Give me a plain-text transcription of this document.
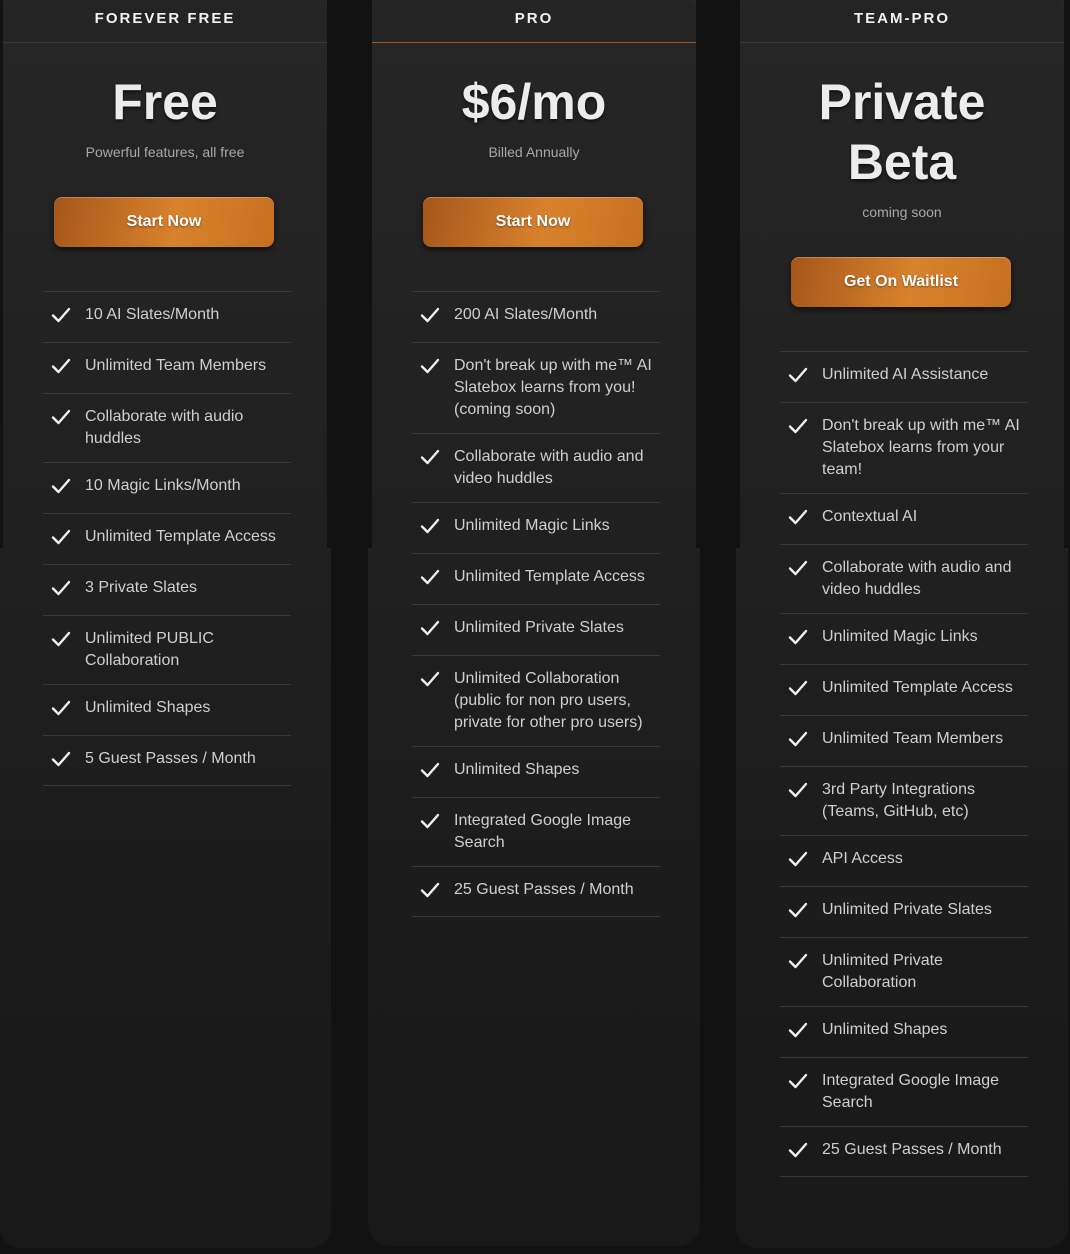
FOREVER FREE
Free
Powerful features, all free
Start Now
10 AI Slates/Month
Unlimited Team Members
Collaborate with audio huddles
10 Magic Links/Month
Unlimited Template Access
3 Private Slates
Unlimited PUBLIC Collaboration
Unlimited Shapes
5 Guest Passes / Month
PRO
$6/mo
Billed Annually
Start Now
200 AI Slates/Month
Don't break up with me™ AI Slatebox learns from you! (coming soon)
Collaborate with audio and video huddles
Unlimited Magic Links
Unlimited Template Access
Unlimited Private Slates
Unlimited Collaboration (public for non pro users, private for other pro users)
Unlimited Shapes
Integrated Google Image Search
25 Guest Passes / Month
TEAM-PRO
Private
Beta
coming soon
Get On Waitlist
Unlimited AI Assistance
Don't break up with me™ AI Slatebox learns from your team!
Contextual AI
Collaborate with audio and video huddles
Unlimited Magic Links
Unlimited Template Access
Unlimited Team Members
3rd Party Integrations (Teams, GitHub, etc)
API Access
Unlimited Private Slates
Unlimited Private Collaboration
Unlimited Shapes
Integrated Google Image Search
25 Guest Passes / Month
